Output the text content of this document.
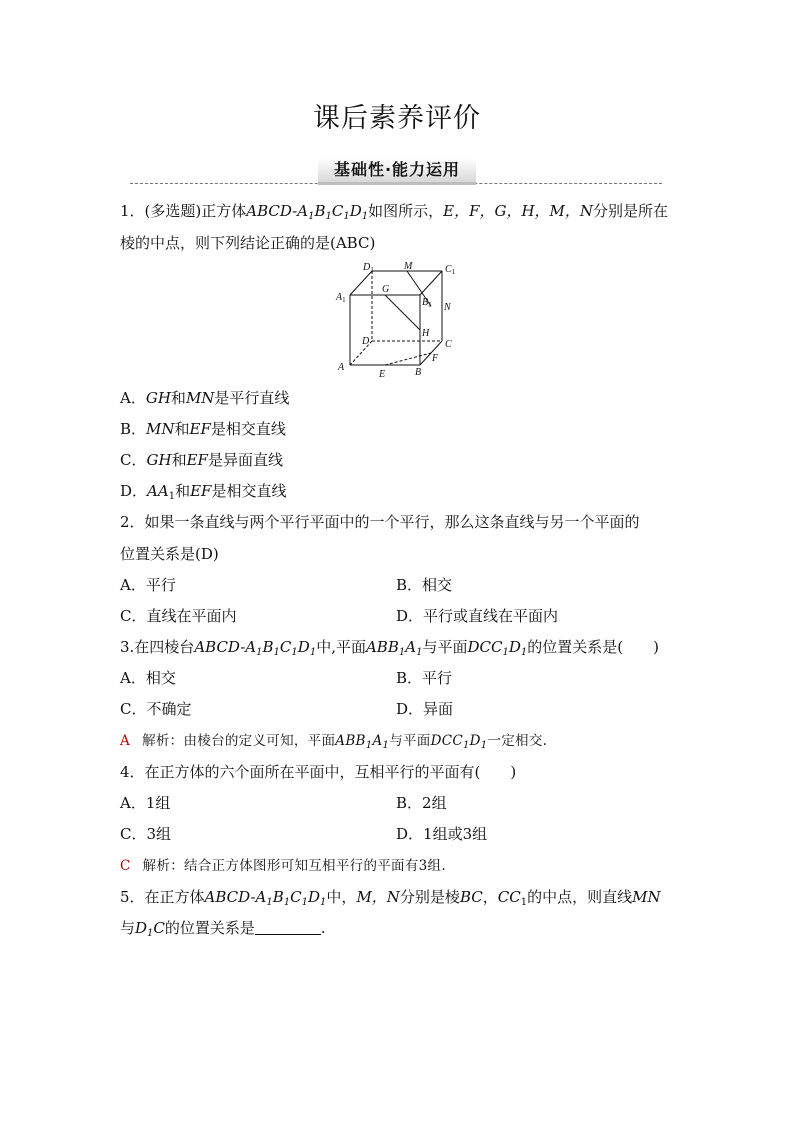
课后素养评价
基础性·能力运用
1．(多选题)正方体ABCD-$A_1B_1C_1D_1$如图所示，E，F，G，H，M，N分别是所在
棱的中点，则下列结论正确的是(ABC)
$D_1$	M	$C_1$
$A_1$
G
$B_1$ N
H
D	C
A
F
E	B
A．GH和MN是平行直线
B．MN和EF是相交直线
C．GH和EF是异面直线
D．$AA_1$和EF是相交直线
2．如果一条直线与两个平行平面中的一个平行，那么这条直线与另一个平面的
位置关系是(D)
A．平行	B．相交
C．直线在平面内	D．平行或直线在平面内
3.在四棱台ABCD-$A_1B_1C_1D_1$中,平面$ABB_1A_1$与平面$DCC_1D_1$的位置关系是(　　)
A．相交	B．平行
C．不确定	D．异面
A 解析：由棱台的定义可知，平面$ABB_1A_1$与平面$DCC_1D_1$一定相交.
4．在正方体的六个面所在平面中，互相平行的平面有(　　)
A．1组	B．2组
C．3组	D．1组或3组
C 解析：结合正方体图形可知互相平行的平面有3组.
5．在正方体ABCD-$A_1B_1C_1D_1$中，M，N分别是棱BC，$CC_1$的中点，则直线MN
与$D_1C$的位置关系是	.
